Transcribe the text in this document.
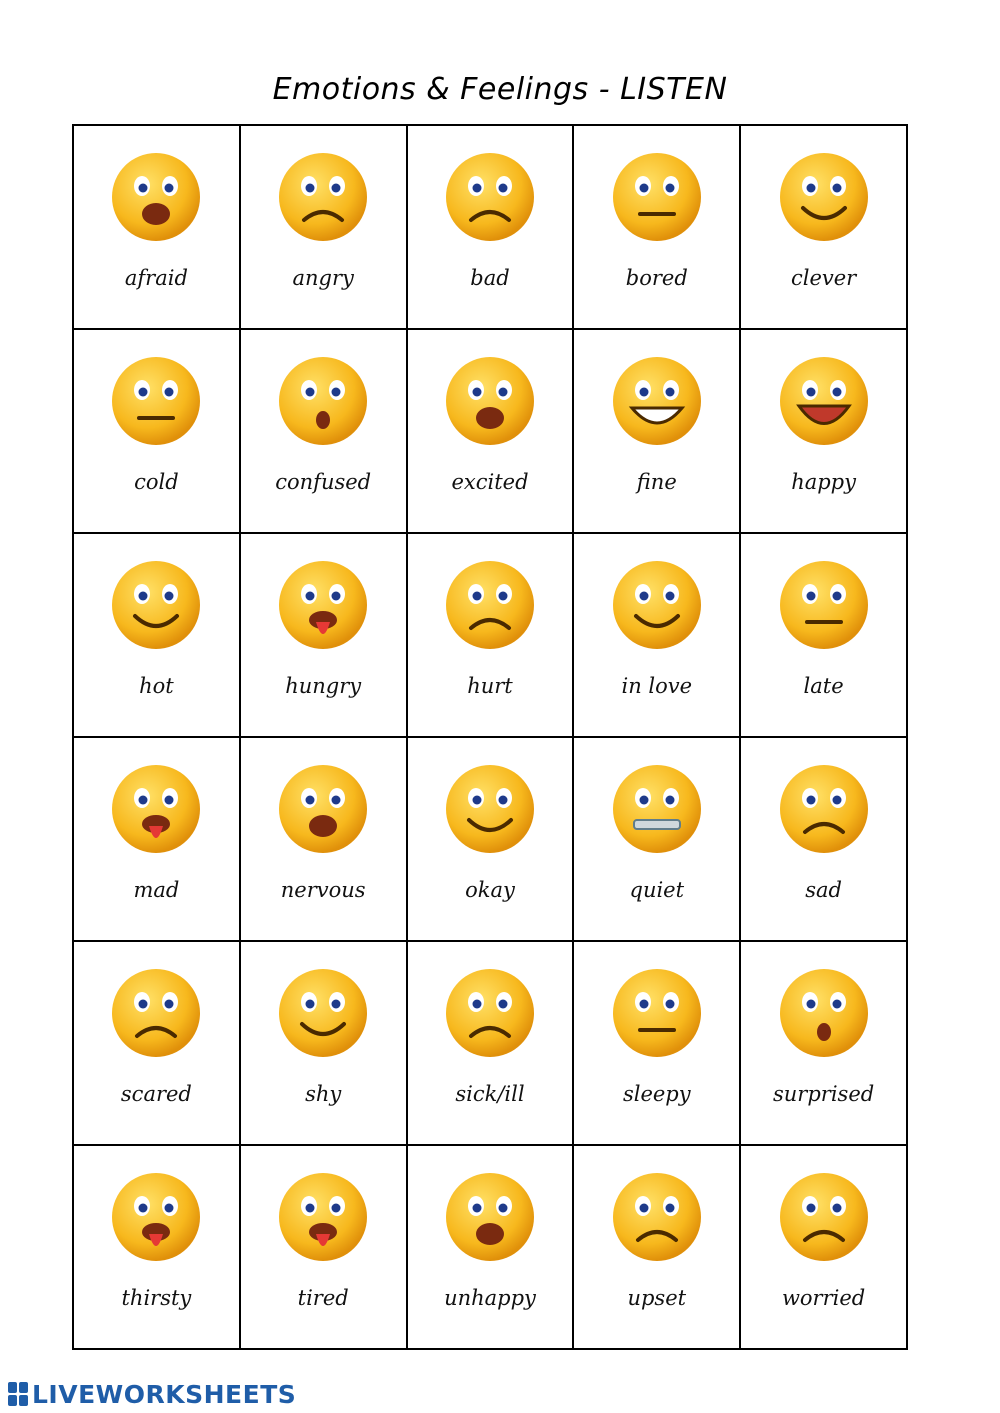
Emotions & Feelings - LISTEN
afraid	angry	bad	bored	clever
cold	confused	excited	fine	happy
hot	hungry	hurt	in love	late
mad	nervous	okay	quiet	sad
scared	shy	sick/ill	sleepy	surprised
thirsty	tired	unhappy	upset	worried
LIVEWORKSHEETS
